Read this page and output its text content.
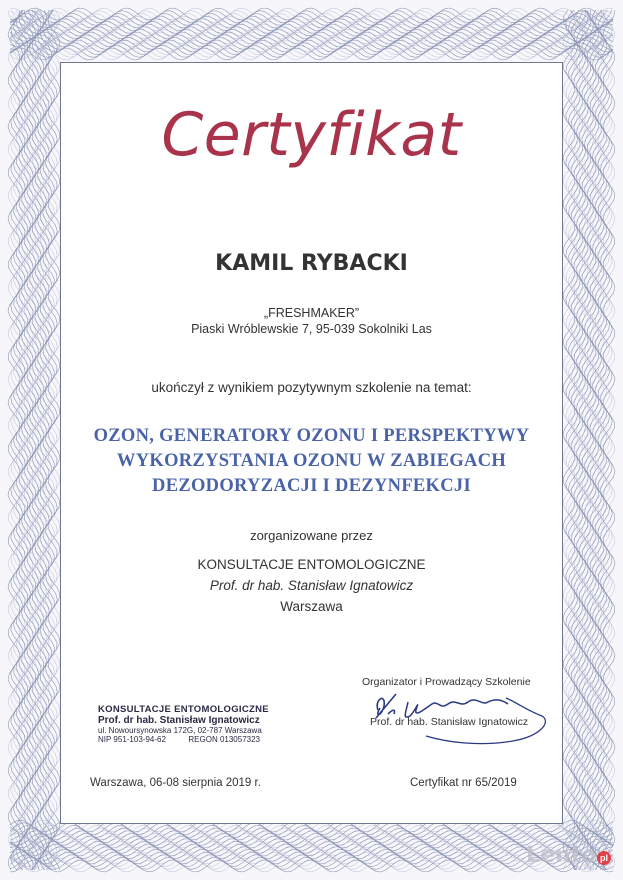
Certyfikat
KAMIL RYBACKI
„FRESHMAKER”
Piaski Wróblewskie 7, 95-039 Sokolniki Las
ukończył z wynikiem pozytywnym szkolenie na temat:
OZON, GENERATORY OZONU I PERSPEKTYWY
WYKORZYSTANIA OZONU W ZABIEGACH
DEZODORYZACJI I DEZYNFEKCJI
zorganizowane przez
KONSULTACJE ENTOMOLOGICZNE
Prof. dr hab. Stanisław Ignatowicz
Warszawa
KONSULTACJE ENTOMOLOGICZNE
Prof. dr hab. Stanisław Ignatowicz
ul. Nowoursynowska 172G, 02-787 Warszawa
NIP 951-103-94-62	REGON 013057323
Organizator i Prowadzący Szkolenie
Prof. dr hab. Stanisław Ignatowicz
Warszawa, 06-08 sierpnia 2019 r.	Certyfikat nr 65/2019
Lento pl
